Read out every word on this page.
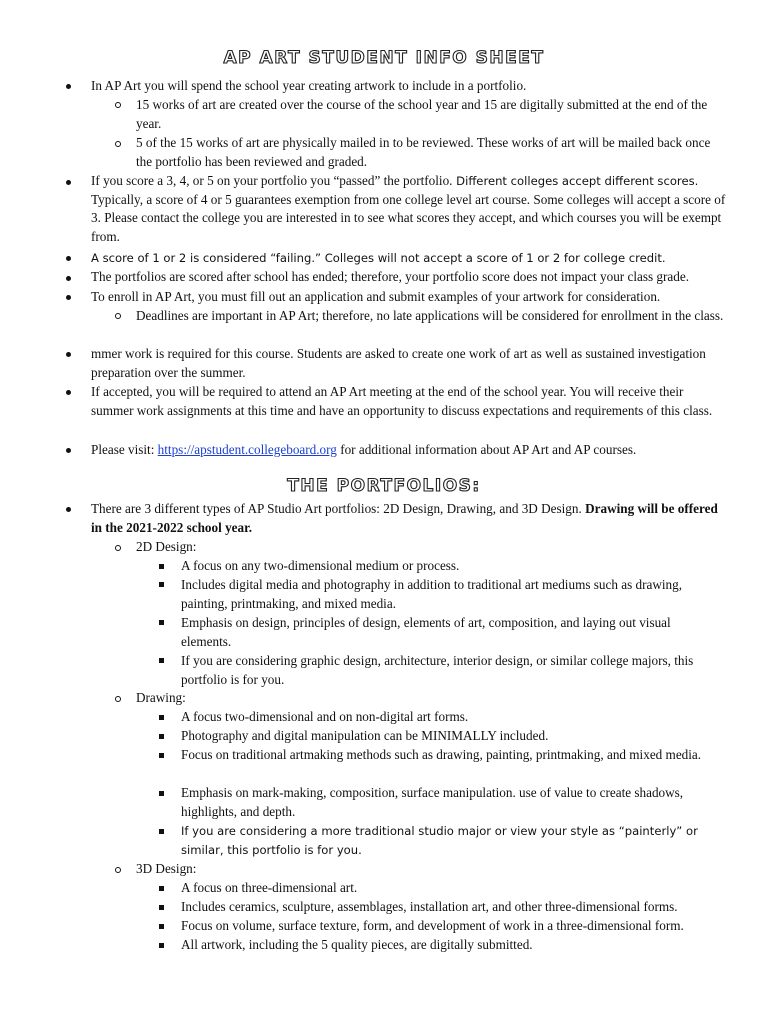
AP ART STUDENT INFO SHEET
In AP Art you will spend the school year creating artwork to include in a portfolio.
15 works of art are created over the course of the school year and 15 are digitally submitted at the end of the year.
5 of the 15 works of art are physically mailed in to be reviewed. These works of art will be mailed back once the portfolio has been reviewed and graded.
If you score a 3, 4, or 5 on your portfolio you “passed” the portfolio. Different colleges accept different scores. Typically, a score of 4 or 5 guarantees exemption from one college level art course. Some colleges will accept a score of 3. Please contact the college you are interested in to see what scores they accept, and which courses you will be exempt from.
A score of 1 or 2 is considered “failing.” Colleges will not accept a score of 1 or 2 for college credit.
The portfolios are scored after school has ended; therefore, your portfolio score does not impact your class grade.
To enroll in AP Art, you must fill out an application and submit examples of your artwork for consideration.
Deadlines are important in AP Art; therefore, no late applications will be considered for enrollment in the class.
mmer work is required for this course. Students are asked to create one work of art as well as sustained investigation preparation over the summer.
If accepted, you will be required to attend an AP Art meeting at the end of the school year. You will receive their summer work assignments at this time and have an opportunity to discuss expectations and requirements of this class.
Please visit: https://apstudent.collegeboard.org for additional information about AP Art and AP courses.
THE PORTFOLIOS:
There are 3 different types of AP Studio Art portfolios: 2D Design, Drawing, and 3D Design. Drawing will be offered in the 2021-2022 school year.
2D Design:
A focus on any two-dimensional medium or process.
Includes digital media and photography in addition to traditional art mediums such as drawing, painting, printmaking, and mixed media.
Emphasis on design, principles of design, elements of art, composition, and laying out visual elements.
If you are considering graphic design, architecture, interior design, or similar college majors, this portfolio is for you.
Drawing:
A focus two-dimensional and on non-digital art forms.
Photography and digital manipulation can be MINIMALLY included.
Focus on traditional artmaking methods such as drawing, painting, printmaking, and mixed media.
Emphasis on mark-making, composition, surface manipulation. use of value to create shadows, highlights, and depth.
If you are considering a more traditional studio major or view your style as “painterly” or similar, this portfolio is for you.
3D Design:
A focus on three-dimensional art.
Includes ceramics, sculpture, assemblages, installation art, and other three-dimensional forms.
Focus on volume, surface texture, form, and development of work in a three-dimensional form.
All artwork, including the 5 quality pieces, are digitally submitted.
